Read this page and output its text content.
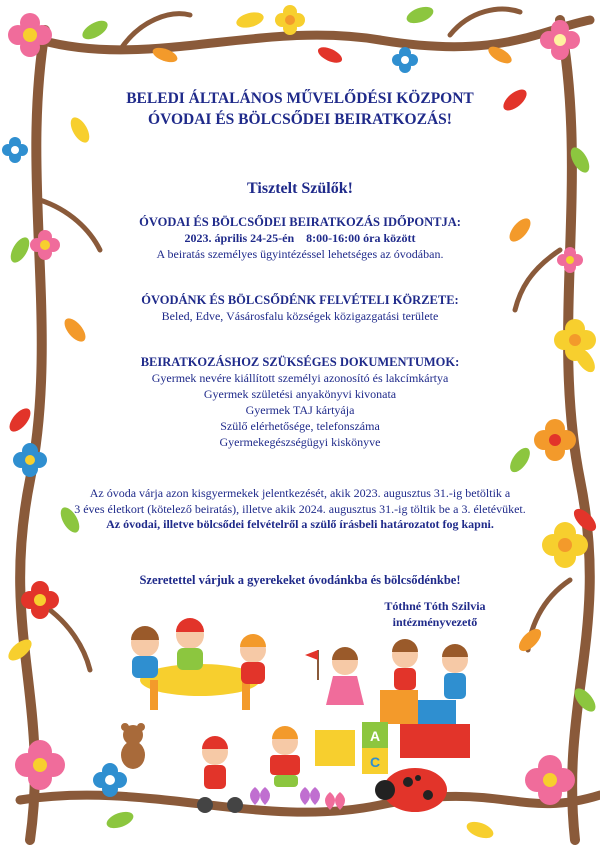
A
C

BELEDI ÁLTALÁNOS MŰVELŐDÉSI KÖZPONT

ÓVODAI ÉS BÖLCSŐDEI BEIRATKOZÁS!

Tisztelt Szülők!

ÓVODAI ÉS BÖLCSŐDEI BEIRATKOZÁS IDŐPONTJA:

2023. április 24-25-én    8:00-16:00 óra között

A beiratás személyes ügyintézéssel lehetséges az óvodában.

ÓVODÁNK ÉS BÖLCSŐDÉNK FELVÉTELI KÖRZETE:

Beled, Edve, Vásárosfalu községek közigazgatási területe

BEIRATKOZÁSHOZ SZÜKSÉGES DOKUMENTUMOK:

Gyermek nevére kiállított személyi azonosító és lakcímkártya

Gyermek születési anyakönyvi kivonata

Gyermek TAJ kártyája

Szülő elérhetősége, telefonszáma

Gyermekegészségügyi kiskönyve

Az óvoda várja azon kisgyermekek jelentkezését, akik 2023. augusztus 31.-ig betöltik a
3 éves életkort (kötelező beiratás), illetve akik 2024. augusztus 31.-ig töltik be a 3. életévüket.
Az óvodai, illetve bölcsődei felvételről a szülő írásbeli határozatot fog kapni.
Szeretettel várjuk a gyerekeket óvodánkba és bölcsődénkbe!
Tóthné Tóth Szilvia
intézményvezető
